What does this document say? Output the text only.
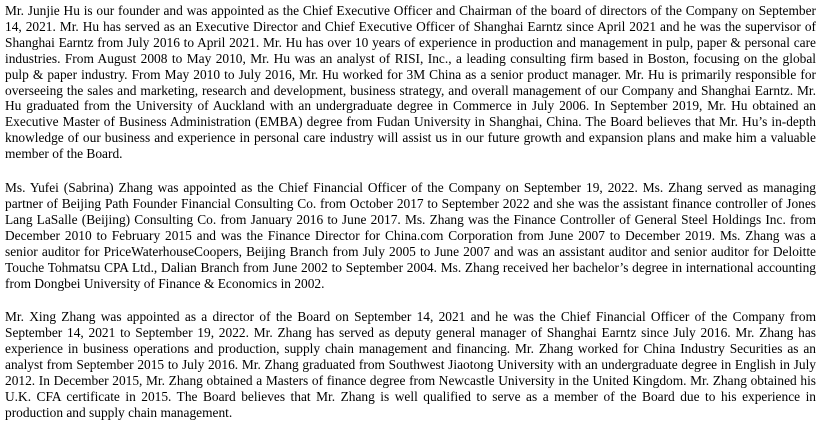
Mr. Junjie Hu is our founder and was appointed as the Chief Executive Officer and Chairman of the board of directors of the Company on September 14, 2021. Mr. Hu has served as an Executive Director and Chief Executive Officer of Shanghai Earntz since April 2021 and he was the supervisor of Shanghai Earntz from July 2016 to April 2021. Mr. Hu has over 10 years of experience in production and management in pulp, paper & personal care industries. From August 2008 to May 2010, Mr. Hu was an analyst of RISI, Inc., a leading consulting firm based in Boston, focusing on the global pulp & paper industry. From May 2010 to July 2016, Mr. Hu worked for 3M China as a senior product manager. Mr. Hu is primarily responsible for overseeing the sales and marketing, research and development, business strategy, and overall management of our Company and Shanghai Earntz. Mr. Hu graduated from the University of Auckland with an undergraduate degree in Commerce in July 2006. In September 2019, Mr. Hu obtained an Executive Master of Business Administration (EMBA) degree from Fudan University in Shanghai, China. The Board believes that Mr. Hu’s in-depth knowledge of our business and experience in personal care industry will assist us in our future growth and expansion plans and make him a valuable member of the Board.

Ms. Yufei (Sabrina) Zhang was appointed as the Chief Financial Officer of the Company on September 19, 2022. Ms. Zhang served as managing partner of Beijing Path Founder Financial Consulting Co. from October 2017 to September 2022 and she was the assistant finance controller of Jones Lang LaSalle (Beijing) Consulting Co. from January 2016 to June 2017. Ms. Zhang was the Finance Controller of General Steel Holdings Inc. from December 2010 to February 2015 and was the Finance Director for China.com Corporation from June 2007 to December 2019. Ms. Zhang was a senior auditor for PriceWaterhouseCoopers, Beijing Branch from July 2005 to June 2007 and was an assistant auditor and senior auditor for Deloitte Touche Tohmatsu CPA Ltd., Dalian Branch from June 2002 to September 2004. Ms. Zhang received her bachelor’s degree in international accounting from Dongbei University of Finance & Economics in 2002.

Mr. Xing Zhang was appointed as a director of the Board on September 14, 2021 and he was the Chief Financial Officer of the Company from September 14, 2021 to September 19, 2022. Mr. Zhang has served as deputy general manager of Shanghai Earntz since July 2016. Mr. Zhang has experience in business operations and production, supply chain management and financing. Mr. Zhang worked for China Industry Securities as an analyst from September 2015 to July 2016. Mr. Zhang graduated from Southwest Jiaotong University with an undergraduate degree in English in July 2012. In December 2015, Mr. Zhang obtained a Masters of finance degree from Newcastle University in the United Kingdom. Mr. Zhang obtained his U.K. CFA certificate in 2015. The Board believes that Mr. Zhang is well qualified to serve as a member of the Board due to his experience in production and supply chain management.
